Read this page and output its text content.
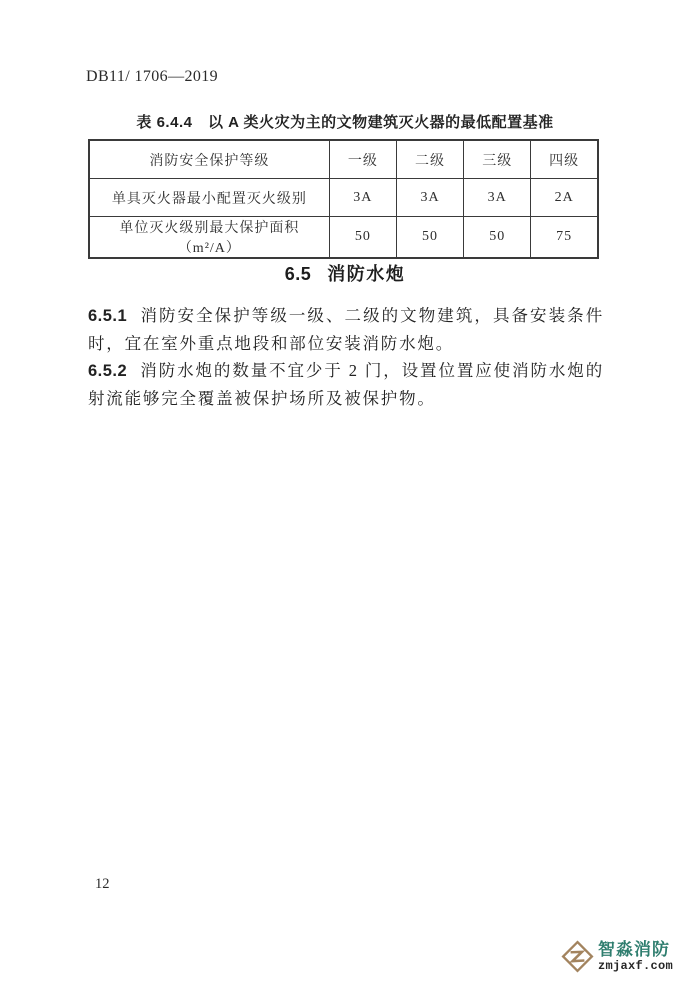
DB11/ 1706—2019
表 6.4.4　以 A 类火灾为主的文物建筑灭火器的最低配置基准
消防安全保护等级	一级	二级	三级	四级
单具灭火器最小配置灭火级别	3A	3A	3A	2A
单位灭火级别最大保护面积（m²/A）	50	50	50	75
6.5 消防水炮

6.5.1 消防安全保护等级一级、二级的文物建筑，具备安装条件时，宜在室外重点地段和部位安装消防水炮。

6.5.2 消防水炮的数量不宜少于 2 门，设置位置应使消防水炮的射流能够完全覆盖被保护场所及被保护物。

12
智淼消防
zmjaxf.com
